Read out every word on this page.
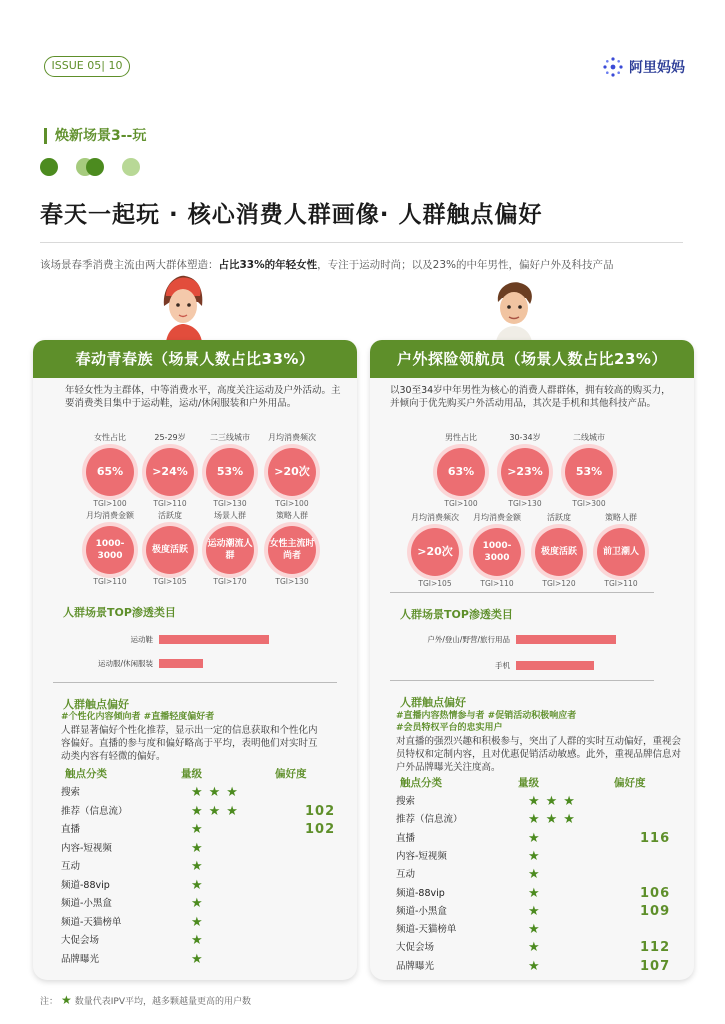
ISSUE 05| 10	阿里妈妈
焕新场景3--玩
春天一起玩 · 核心消费人群画像· 人群触点偏好
该场景春季消费主流由两大群体塑造：占比33%的年轻女性，专注于运动时尚；以及23%的中年男性，偏好户外及科技产品
春动青春族（场景人数占比33%）
年轻女性为主群体，中等消费水平，高度关注运动及户外活动。主要消费类目集中于运动鞋，运动/休闲服装和户外用品。
女性占比
65%
TGI>100
25-29岁
>24%
TGI>110
二三线城市
53%
TGI>130
月均消费频次
>20次
TGI>100
月均消费金额
1000-3000
TGI>110
活跃度
极度活跃
TGI>105
场景人群
运动潮流人群
TGI>170
策略人群
女性主流时尚者
TGI>130
人群场景TOP渗透类目
运动鞋
运动服/休闲服装
人群触点偏好
#个性化内容倾向者 #直播轻度偏好者
人群显著偏好个性化推荐，显示出一定的信息获取和个性化内容偏好。直播的参与度和偏好略高于平均，表明他们对实时互动类内容有轻微的偏好。
触点分类	量级	偏好度
搜索	★★★
推荐（信息流）	★★★	102
直播	★	102
内容-短视频	★
互动	★
频道-88vip	★
频道-小黑盒	★
频道-天猫榜单	★
大促会场	★
品牌曝光	★
户外探险领航员（场景人数占比23%）
以30至34岁中年男性为核心的消费人群群体，拥有较高的购买力，并倾向于优先购买户外活动用品，其次是手机和其他科技产品。
男性占比
63%
TGI>100
30-34岁
>23%
TGI>130
二线城市
53%
TGI>300
月均消费频次
>20次
TGI>105
月均消费金额
1000-3000
TGI>110
活跃度
极度活跃
TGI>120
策略人群
前卫潮人
TGI>110
人群场景TOP渗透类目
户外/登山/野营/旅行用品
手机
人群触点偏好
#直播内容热情参与者 #促销活动积极响应者
#会员特权平台的忠实用户
对直播的强烈兴趣和积极参与，突出了人群的实时互动偏好，重视会员特权和定制内容，且对优惠促销活动敏感。此外，重视品牌信息对户外品牌曝光关注度高。
触点分类	量级	偏好度
搜索	★★★
推荐（信息流）	★★★
直播	★	116
内容-短视频	★
互动	★
频道-88vip	★	106
频道-小黑盒	★	109
频道-天猫榜单	★
大促会场	★	112
品牌曝光	★	107
注： ★ 数量代表IPV平均，越多颗越量更高的用户数
